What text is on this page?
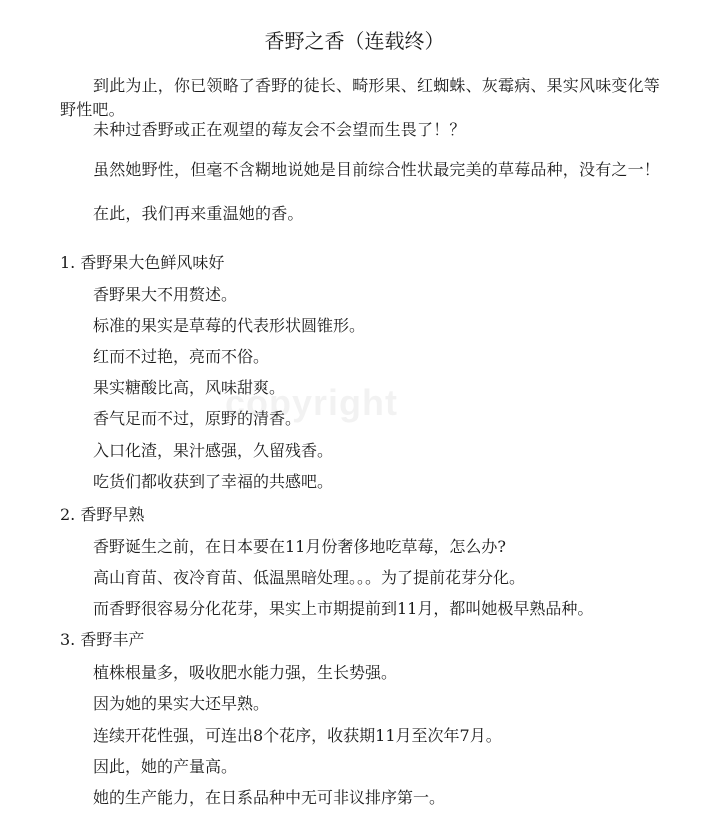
香野之香（连载终）

到此为止，你已领略了香野的徒长、畸形果、红蜘蛛、灰霉病、果实风味变化等野性吧。

未种过香野或正在观望的莓友会不会望而生畏了！？

虽然她野性，但毫不含糊地说她是目前综合性状最完美的草莓品种，没有之一！

在此，我们再来重温她的香。

1. 香野果大色鲜风味好

香野果大不用赘述。

标准的果实是草莓的代表形状圆锥形。

红而不过艳，亮而不俗。

果实糖酸比高，风味甜爽。

香气足而不过，原野的清香。

入口化渣，果汁感强，久留残香。

吃货们都收获到了幸福的共感吧。

2. 香野早熟

香野诞生之前，在日本要在11月份奢侈地吃草莓，怎么办?

高山育苗、夜冷育苗、低温黑暗处理。。。为了提前花芽分化。

而香野很容易分化花芽，果实上市期提前到11月，都叫她极早熟品种。

3. 香野丰产

植株根量多，吸收肥水能力强，生长势强。

因为她的果实大还早熟。

连续开花性强，可连出8个花序，收获期11月至次年7月。

因此，她的产量高。

她的生产能力，在日系品种中无可非议排序第一。

copyright
